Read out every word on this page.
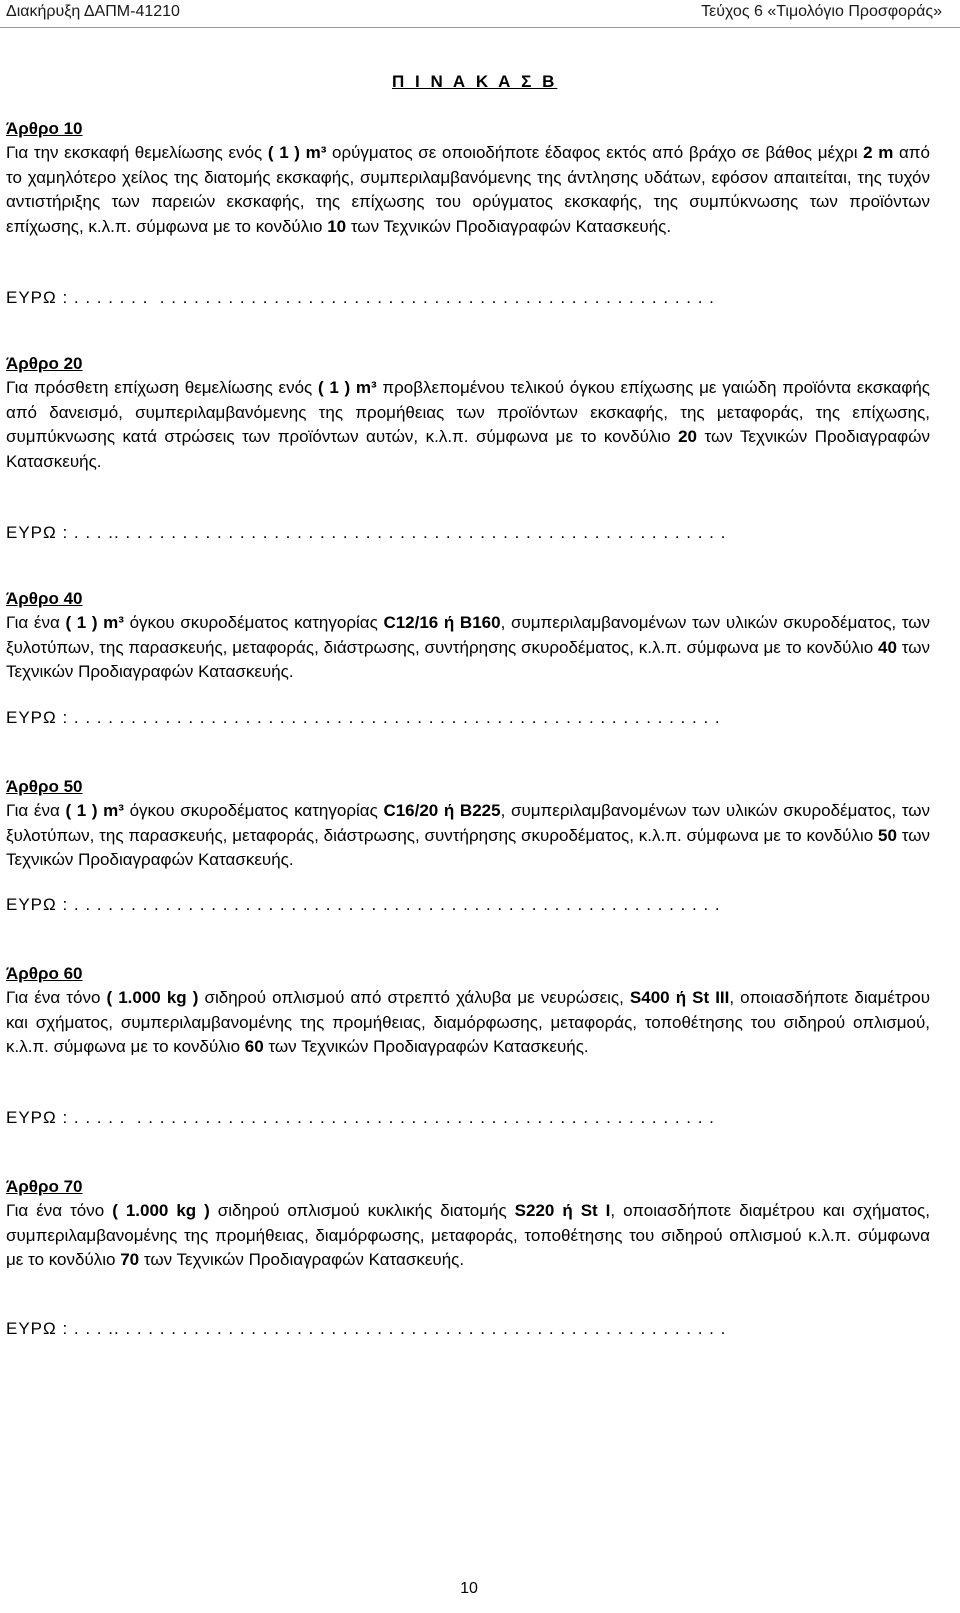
Διακήρυξη ΔΑΠΜ-41210	Τεύχος 6 «Τιμολόγιο Προσφοράς»
Π Ι Ν Α Κ Α Σ Β
Άρθρο 10
Για την εκσκαφή θεμελίωσης ενός ( 1 ) m³ ορύγματος σε οποιοδήποτε έδαφος εκτός από βράχο σε βάθος μέχρι 2 m από το χαμηλότερο χείλος της διατομής εκσκαφής, συμπεριλαμβανόμενης της άντλησης υδάτων, εφόσον απαιτείται, της τυχόν αντιστήριξης των παρειών εκσκαφής, της επίχωσης του ορύγματος εκσκαφής, της συμπύκνωσης των προϊόντων επίχωσης, κ.λ.π. σύμφωνα με το κονδύλιο 10 των Τεχνικών Προδιαγραφών Κατασκευής.
ΕΥΡΩ : . . . . . . .  . . . . . . . . . . . . . . . . . . . . . . . . . . . . . . . . . . . . . . . . . . . . . . . . .
Άρθρο 20
Για πρόσθετη επίχωση θεμελίωσης ενός ( 1 ) m³ προβλεπομένου τελικού όγκου επίχωσης με γαιώδη προϊόντα εκσκαφής από δανεισμό, συμπεριλαμβανόμενης της προμήθειας των προϊόντων εκσκαφής, της μεταφοράς, της επίχωσης, συμπύκνωσης κατά στρώσεις των προϊόντων αυτών, κ.λ.π. σύμφωνα με το κονδύλιο 20 των Τεχνικών Προδιαγραφών Κατασκευής.
ΕΥΡΩ : . . . .. . . . . . . . . . . . . . . . . . . . . . . . . . . . . . . . . . . . . . . . . . . . . . . . . . . . . .
Άρθρο 40
Για ένα ( 1 ) m³ όγκου σκυροδέματος κατηγορίας C12/16 ή B160, συμπεριλαμβανομένων των υλικών σκυροδέματος, των ξυλοτύπων, της παρασκευής, μεταφοράς, διάστρωσης, συντήρησης σκυροδέματος, κ.λ.π. σύμφωνα με το κονδύλιο 40 των Τεχνικών Προδιαγραφών Κατασκευής.
ΕΥΡΩ : . . . . . . . . . . . . . . . . . . . . . . . . . . . . . . . . . . . . . . . . . . . . . . . . . . . . . . . . .
Άρθρο 50
Για ένα ( 1 ) m³ όγκου σκυροδέματος κατηγορίας C16/20 ή B225, συμπεριλαμβανομένων των υλικών σκυροδέματος, των ξυλοτύπων, της παρασκευής, μεταφοράς, διάστρωσης, συντήρησης σκυροδέματος, κ.λ.π. σύμφωνα με το κονδύλιο 50 των Τεχνικών Προδιαγραφών Κατασκευής.
ΕΥΡΩ : . . . . . . . . . . . . . . . . . . . . . . . . . . . . . . . . . . . . . . . . . . . . . . . . . . . . . . . . .
Άρθρο 60
Για ένα τόνο ( 1.000 kg ) σιδηρού οπλισμού από στρεπτό χάλυβα με νευρώσεις, S400 ή St III, οποιασδήποτε διαμέτρου και σχήματος, συμπεριλαμβανομένης της προμήθειας, διαμόρφωσης, μεταφοράς, τοποθέτησης του σιδηρού οπλισμού, κ.λ.π. σύμφωνα με το κονδύλιο 60 των Τεχνικών Προδιαγραφών Κατασκευής.
ΕΥΡΩ : . . . . .  . . . . . . . . . . . . . . . . . . . . . . . . . . . . . . . . . . . . . . . . . . . . . . . . . . .
Άρθρο 70
Για ένα τόνο ( 1.000 kg ) σιδηρού οπλισμού κυκλικής διατομής S220 ή St I, οποιασδήποτε διαμέτρου και σχήματος, συμπεριλαμβανομένης της προμήθειας, διαμόρφωσης, μεταφοράς, τοποθέτησης του σιδηρού οπλισμού κ.λ.π. σύμφωνα με το κονδύλιο 70 των Τεχνικών Προδιαγραφών Κατασκευής.
ΕΥΡΩ : . . . .. . . . . . . . . . . . . . . . . . . . . . . . . . . . . . . . . . . . . . . . . . . . . . . . . . . . . .
10
